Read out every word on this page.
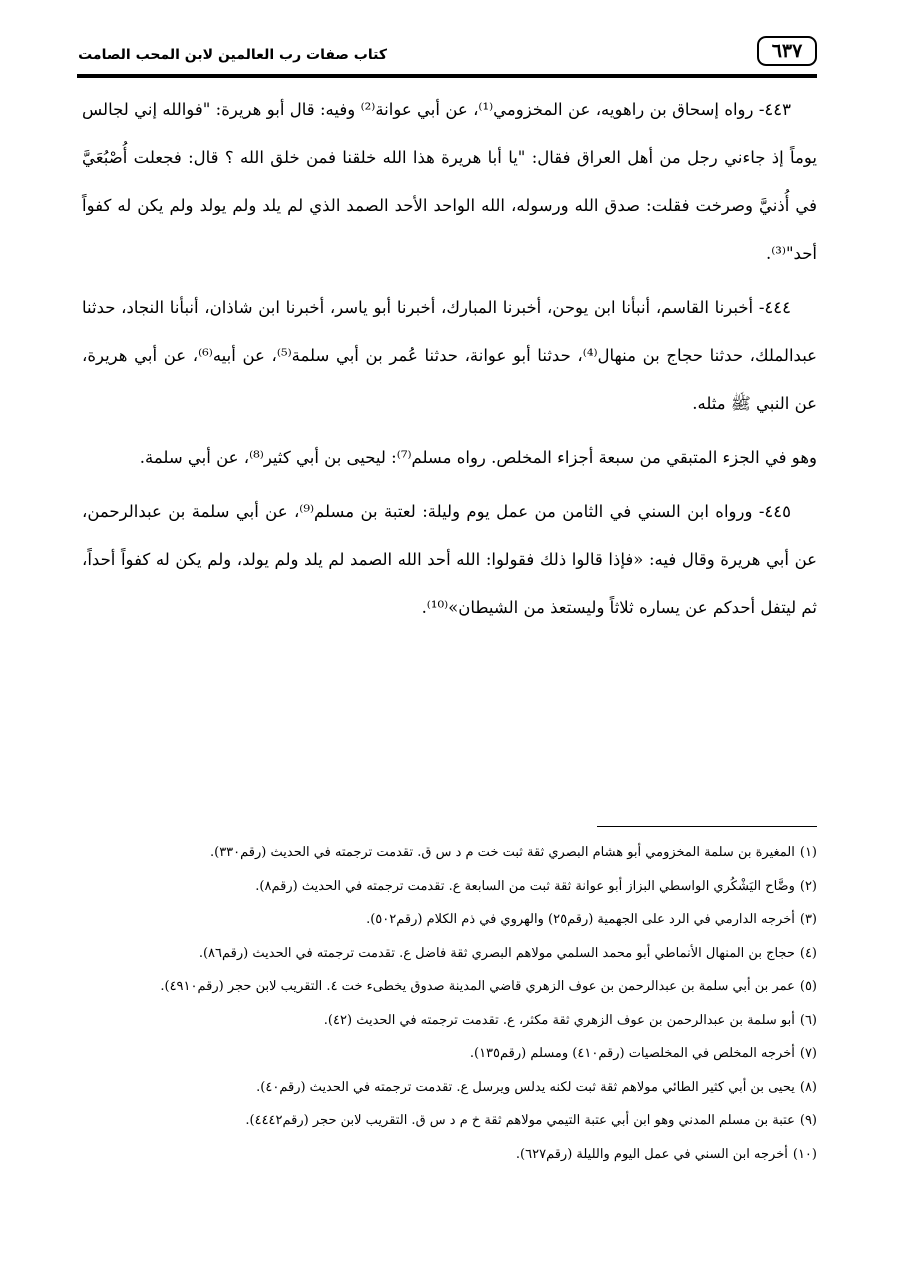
٦٣٧
كتاب صفات رب العالمين لابن المحب الصامت

٤٤٣- رواه إسحاق بن راهويه، عن المخزومي⁽¹⁾، عن أبي عوانة⁽²⁾ وفيه: قال أبو هريرة: "فوالله إني لجالس يوماً إذ جاءني رجل من أهل العراق فقال: "يا أبا هريرة هذا الله خلقنا فمن خلق الله ؟ قال: فجعلت أُصْبُعَيَّ في أُذنيَّ وصرخت فقلت: صدق الله ورسوله، الله الواحد الأحد الصمد الذي لم يلد ولم يولد ولم يكن له كفواً أحد"⁽³⁾.

٤٤٤- أخبرنا القاسم، أنبأنا ابن يوحن، أخبرنا المبارك، أخبرنا أبو ياسر، أخبرنا ابن شاذان، أنبأنا النجاد، حدثنا عبدالملك، حدثنا حجاج بن منهال⁽⁴⁾، حدثنا أبو عوانة، حدثنا عُمر بن أبي سلمة⁽⁵⁾، عن أبيه⁽⁶⁾، عن أبي هريرة، عن النبي ﷺ مثله.

وهو في الجزء المتبقي من سبعة أجزاء المخلص. رواه مسلم⁽⁷⁾: ليحيى بن أبي كثير⁽⁸⁾، عن أبي سلمة.

٤٤٥- ورواه ابن السني في الثامن من عمل يوم وليلة: لعتبة بن مسلم⁽⁹⁾، عن أبي سلمة بن عبدالرحمن، عن أبي هريرة وقال فيه: «فإذا قالوا ذلك فقولوا: الله أحد الله الصمد لم يلد ولم يولد، ولم يكن له كفواً أحداً، ثم ليتفل أحدكم عن يساره ثلاثاً وليستعذ من الشيطان»⁽¹⁰⁾.

(١)المغيرة بن سلمة المخزومي أبو هشام البصري ثقة ثبت خت م د س ق. تقدمت ترجمته في الحديث (رقم٣٣٠).
(٢)وضَّاح اليَشْكُري الواسطي البزاز أبو عوانة ثقة ثبت من السابعة ع. تقدمت ترجمته في الحديث (رقم٨).
(٣)أخرجه الدارمي في الرد على الجهمية (رقم٢٥) والهروي في ذم الكلام (رقم٥٠٢).
(٤)حجاج بن المنهال الأنماطي أبو محمد السلمي مولاهم البصري ثقة فاضل ع. تقدمت ترجمته في الحديث (رقم٨٦).
(٥)عمر بن أبي سلمة بن عبدالرحمن بن عوف الزهري قاضي المدينة صدوق يخطىء خت ٤. التقريب لابن حجر (رقم٤٩١٠).
(٦)أبو سلمة بن عبدالرحمن بن عوف الزهري ثقة مكثر، ع. تقدمت ترجمته في الحديث (٤٢).
(٧)أخرجه المخلص في المخلصيات (رقم٤١٠) ومسلم (رقم١٣٥).
(٨)يحيى بن أبي كثير الطائي مولاهم ثقة ثبت لكنه يدلس ويرسل ع. تقدمت ترجمته في الحديث (رقم٤٠).
(٩)عتبة بن مسلم المدني وهو ابن أبي عتبة التيمي مولاهم ثقة خ م د س ق. التقريب لابن حجر (رقم٤٤٤٢).
(١٠)أخرجه ابن السني في عمل اليوم والليلة (رقم٦٢٧).
